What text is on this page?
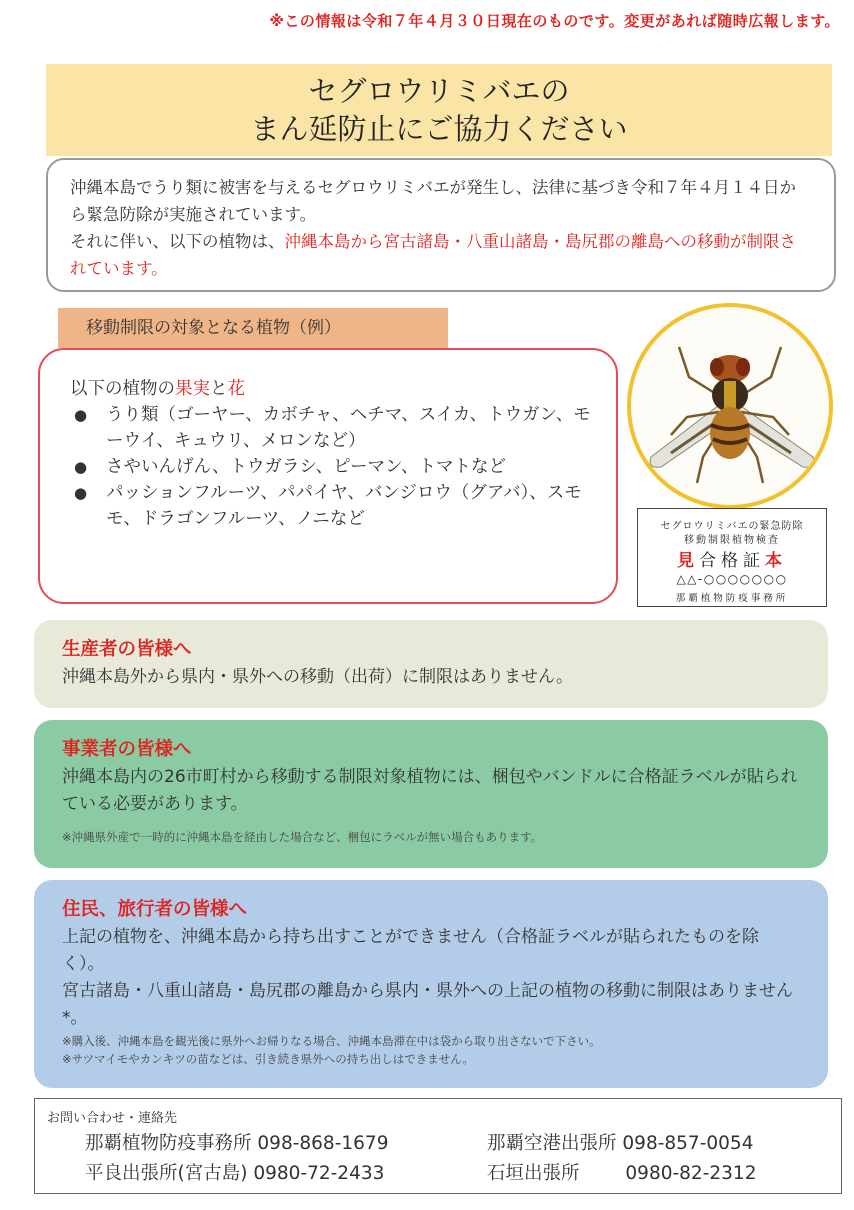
※この情報は令和７年４月３０日現在のものです。変更があれば随時広報します。
セグロウリミバエの
まん延防止にご協力ください
沖縄本島でうり類に被害を与えるセグロウリミバエが発生し、法律に基づき令和７年４月１４日から緊急防除が実施されています。
それに伴い、以下の植物は、沖縄本島から宮古諸島・八重山諸島・島尻郡の離島への移動が制限されています。
移動制限の対象となる植物（例）
以下の植物の果実と花
● うり類（ゴーヤー、カボチャ、ヘチマ、スイカ、トウガン、モーウイ、キュウリ、メロンなど）
● さやいんげん、トウガラシ、ピーマン、トマトなど
● パッションフルーツ、パパイヤ、バンジロウ（グアバ）、スモモ、ドラゴンフルーツ、ノニなど	セグロウリミバエの緊急防除
移動制限植物検査
見合格証本
△△-○○○○○○○
那覇植物防疫事務所
生産者の皆様へ

沖縄本島外から県内・県外への移動（出荷）に制限はありません。

事業者の皆様へ

沖縄本島内の26市町村から移動する制限対象植物には、梱包やバンドルに合格証ラベルが貼られている必要があります。

※沖縄県外産で一時的に沖縄本島を経由した場合など、梱包にラベルが無い場合もあります。

住民、旅行者の皆様へ

上記の植物を、沖縄本島から持ち出すことができません（合格証ラベルが貼られたものを除く）。

宮古諸島・八重山諸島・島尻郡の離島から県内・県外への上記の植物の移動に制限はありません*。

※購入後、沖縄本島を観光後に県外へお帰りなる場合、沖縄本島滞在中は袋から取り出さないで下さい。

※サツマイモやカンキツの苗などは、引き続き県外への持ち出しはできません。

お問い合わせ・連絡先
那覇植物防疫事務所 098-868-1679	那覇空港出張所 098-857-0054
平良出張所(宮古島) 0980-72-2433	石垣出張所 0980-82-2312
